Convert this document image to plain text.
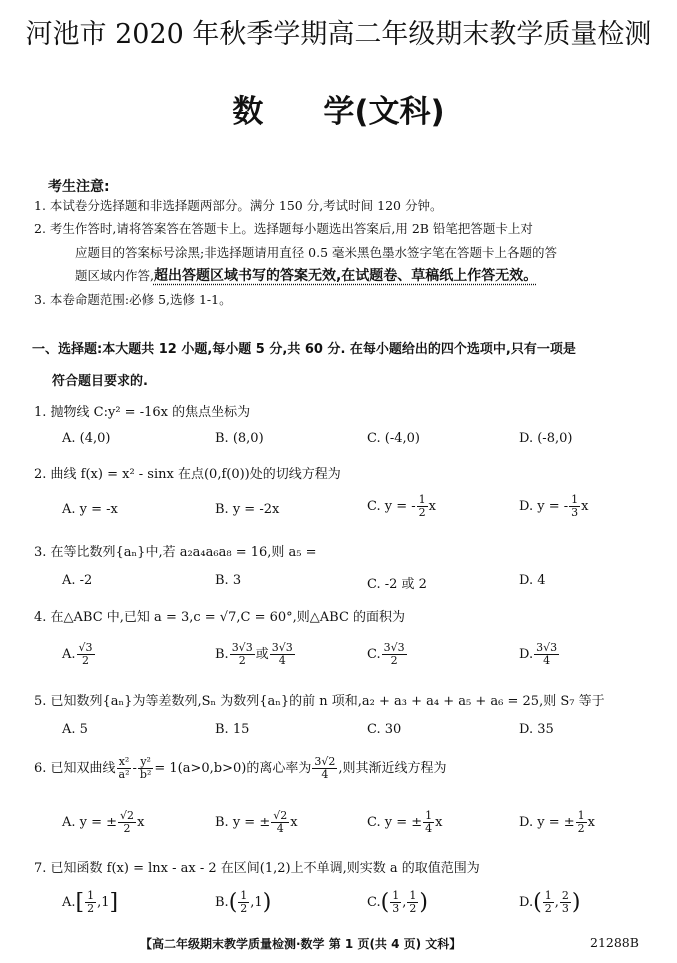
河池市 2020 年秋季学期高二年级期末教学质量检测
数 学(文科)
考生注意:
1. 本试卷分选择题和非选择题两部分。满分 150 分,考试时间 120 分钟。
2. 考生作答时,请将答案答在答题卡上。选择题每小题选出答案后,用 2B 铅笔把答题卡上对
应题目的答案标号涂黑;非选择题请用直径 0.5 毫米黑色墨水签字笔在答题卡上各题的答
题区域内作答,超出答题区域书写的答案无效,在试题卷、草稿纸上作答无效。
3. 本卷命题范围:必修 5,选修 1-1。
一、选择题:本大题共 12 小题,每小题 5 分,共 60 分. 在每小题给出的四个选项中,只有一项是
符合题目要求的.
1. 抛物线 C:y² = -16x 的焦点坐标为
A. (4,0)	B. (8,0)	C. (-4,0)	D. (-8,0)
2. 曲线 f(x) = x² - sinx 在点(0,f(0))处的切线方程为
A. y = -x	B. y = -2x	C. y = - $\frac{1}{2}$ x	D. y = - $\frac{1}{3}$ x
3. 在等比数列{aₙ}中,若 a₂a₄a₆a₈ = 16,则 a₅ =
A. -2	B. 3	C. -2 或 2	D. 4
4. 在△ABC 中,已知 a = 3,c = √7,C = 60°,则△ABC 的面积为
A. $\frac{√3}{2}$	B. $\frac{3√3}{2}$ 或 $\frac{3√3}{4}$	C. $\frac{3√3}{2}$	D. $\frac{3√3}{4}$
5. 已知数列{aₙ}为等差数列,Sₙ 为数列{aₙ}的前 n 项和,a₂ + a₃ + a₄ + a₅ + a₆ = 25,则 S₇ 等于
A. 5	B. 15	C. 30	D. 35
6. 已知双曲线 $\frac{\text{x²}}{\text{a²}} - \frac{\text{y²}}{\text{b²}} = 1(a>0,b>0)$的离心率为 $\frac{3√2}{4}$ ,则其渐近线方程为
A. y = ± $\frac{√2}{2}$ x	B. y = ± $\frac{√2}{4}$ x	C. y = ± $\frac{1}{4}$ x	D. y = ± $\frac{1}{2}$ x
7. 已知函数 f(x) = lnx - ax - 2 在区间(1,2)上不单调,则实数 a 的取值范围为
$A.[ \frac{1}{2} ,1]$	$B.( \frac{1}{2} ,1)$	$C.( \frac{1}{3}$ , $\frac{1}{2}$ )	$D.( \frac{1}{2}$ , $\frac{2}{3}$ )
【高二年级期末教学质量检测·数学 第 1 页(共 4 页) 文科】	21288B
